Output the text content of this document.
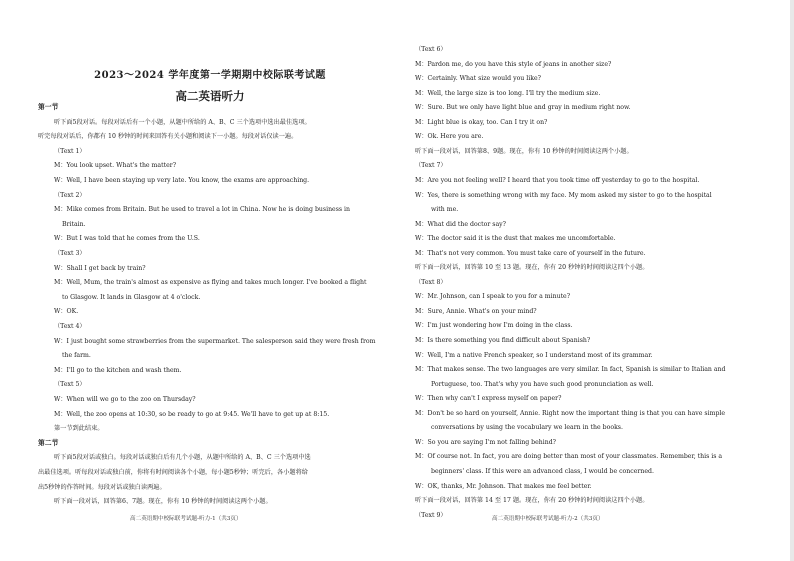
2023～2024 学年度第一学期期中校际联考试题
高二英语听力
第一节
听下面5段对话。每段对话后有一个小题，从题中所给的 A、B、C 三个选项中选出最佳选项。
听完每段对话后，你都有 10 秒钟的时间来回答有关小题和阅读下一小题。每段对话仅读一遍。
（Text 1）
M：You look upset. What's the matter?
W：Well, I have been staying up very late. You know, the exams are approaching.
（Text 2）
M：Mike comes from Britain. But he used to travel a lot in China. Now he is doing business in
Britain.
W：But I was told that he comes from the U.S.
（Text 3）
W：Shall I get back by train?
M：Well, Mum, the train's almost as expensive as flying and takes much longer. I've booked a flight
to Glasgow. It lands in Glasgow at 4 o'clock.
W：OK.
（Text 4）
W：I just bought some strawberries from the supermarket. The salesperson said they were fresh from
the farm.
M：I'll go to the kitchen and wash them.
（Text 5）
W：When will we go to the zoo on Thursday?
M：Well, the zoo opens at 10:30, so be ready to go at 9:45. We'll have to get up at 8:15.
第一节到此结束。
第二节
听下面5段对话或独白。每段对话或独白后有几个小题，从题中所给的 A、B、C 三个选项中选
出最佳选项。听每段对话或独白前，你将有时间阅读各个小题，每小题5秒钟；听完后，各小题将给
出5秒钟的作答时间。每段对话或独白读两遍。
听下面一段对话，回答第6、7题。现在，你有 10 秒钟的时间阅读这两个小题。
高二英语期中校际联考试题-听力-1（共3页）
（Text 6）
M：Pardon me, do you have this style of jeans in another size?
W：Certainly. What size would you like?
M：Well, the large size is too long. I'll try the medium size.
W：Sure. But we only have light blue and gray in medium right now.
M：Light blue is okay, too. Can I try it on?
W：Ok. Here you are.
听下面一段对话，回答第8、9题。现在，你有 10 秒钟的时间阅读这两个小题。
（Text 7）
M：Are you not feeling well? I heard that you took time off yesterday to go to the hospital.
W：Yes, there is something wrong with my face. My mom asked my sister to go to the hospital
with me.
M：What did the doctor say?
W：The doctor said it is the dust that makes me uncomfortable.
M：That's not very common. You must take care of yourself in the future.
听下面一段对话，回答第 10 至 13 题。现在，你有 20 秒钟的时间阅读这四个小题。
（Text 8）
W：Mr. Johnson, can I speak to you for a minute?
M：Sure, Annie. What's on your mind?
W：I'm just wondering how I'm doing in the class.
M：Is there something you find difficult about Spanish?
W：Well, I'm a native French speaker, so I understand most of its grammar.
M：That makes sense. The two languages are very similar. In fact, Spanish is similar to Italian and
Portuguese, too. That's why you have such good pronunciation as well.
W：Then why can't I express myself on paper?
M：Don't be so hard on yourself, Annie. Right now the important thing is that you can have simple
conversations by using the vocabulary we learn in the books.
W：So you are saying I'm not falling behind?
M：Of course not. In fact, you are doing better than most of your classmates. Remember, this is a
beginners' class. If this were an advanced class, I would be concerned.
W：OK, thanks, Mr. Johnson. That makes me feel better.
听下面一段对话，回答第 14 至 17 题。现在，你有 20 秒钟的时间阅读这四个小题。
（Text 9）
高二英语期中校际联考试题-听力-2（共3页）
